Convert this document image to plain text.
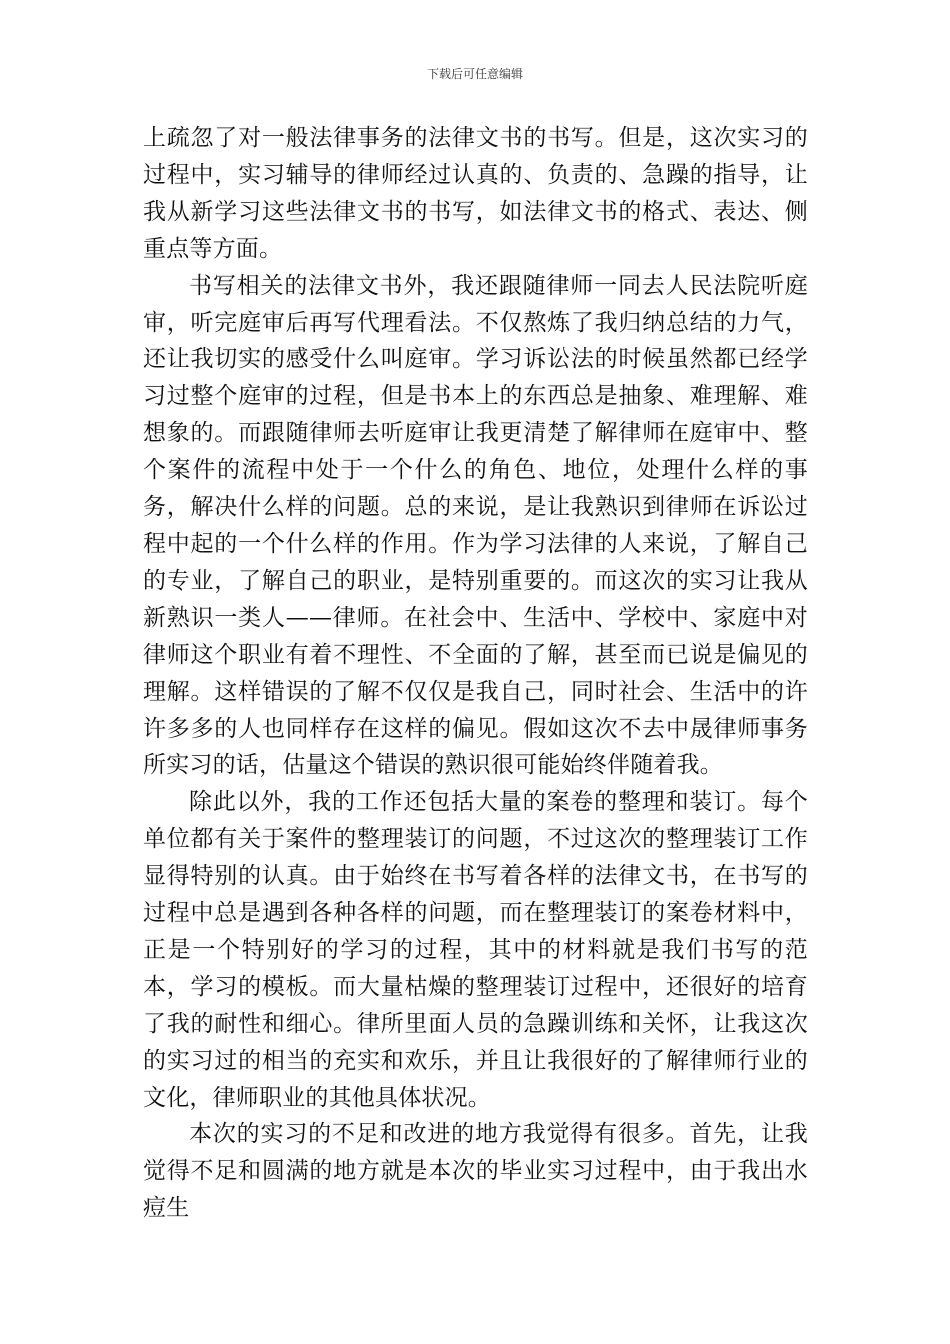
下载后可任意编辑

上疏忽了对一般法律事务的法律文书的书写。但是，这次实习的过程中，实习辅导的律师经过认真的、负责的、急躁的指导，让我从新学习这些法律文书的书写，如法律文书的格式、表达、侧重点等方面。

书写相关的法律文书外，我还跟随律师一同去人民法院听庭审，听完庭审后再写代理看法。不仅熬炼了我归纳总结的力气，还让我切实的感受什么叫庭审。学习诉讼法的时候虽然都已经学习过整个庭审的过程，但是书本上的东西总是抽象、难理解、难想象的。而跟随律师去听庭审让我更清楚了解律师在庭审中、整个案件的流程中处于一个什么的角色、地位，处理什么样的事务，解决什么样的问题。总的来说，是让我熟识到律师在诉讼过程中起的一个什么样的作用。作为学习法律的人来说，了解自己的专业，了解自己的职业，是特别重要的。而这次的实习让我从新熟识一类人——律师。在社会中、生活中、学校中、家庭中对律师这个职业有着不理性、不全面的了解，甚至而已说是偏见的理解。这样错误的了解不仅仅是我自己，同时社会、生活中的许许多多的人也同样存在这样的偏见。假如这次不去中晟律师事务所实习的话，估量这个错误的熟识很可能始终伴随着我。

除此以外，我的工作还包括大量的案卷的整理和装订。每个单位都有关于案件的整理装订的问题，不过这次的整理装订工作显得特别的认真。由于始终在书写着各样的法律文书，在书写的过程中总是遇到各种各样的问题，而在整理装订的案卷材料中，正是一个特别好的学习的过程，其中的材料就是我们书写的范本，学习的模板。而大量枯燥的整理装订过程中，还很好的培育了我的耐性和细心。律所里面人员的急躁训练和关怀，让我这次的实习过的相当的充实和欢乐，并且让我很好的了解律师行业的文化，律师职业的其他具体状况。

本次的实习的不足和改进的地方我觉得有很多。首先，让我觉得不足和圆满的地方就是本次的毕业实习过程中，由于我出水痘生
